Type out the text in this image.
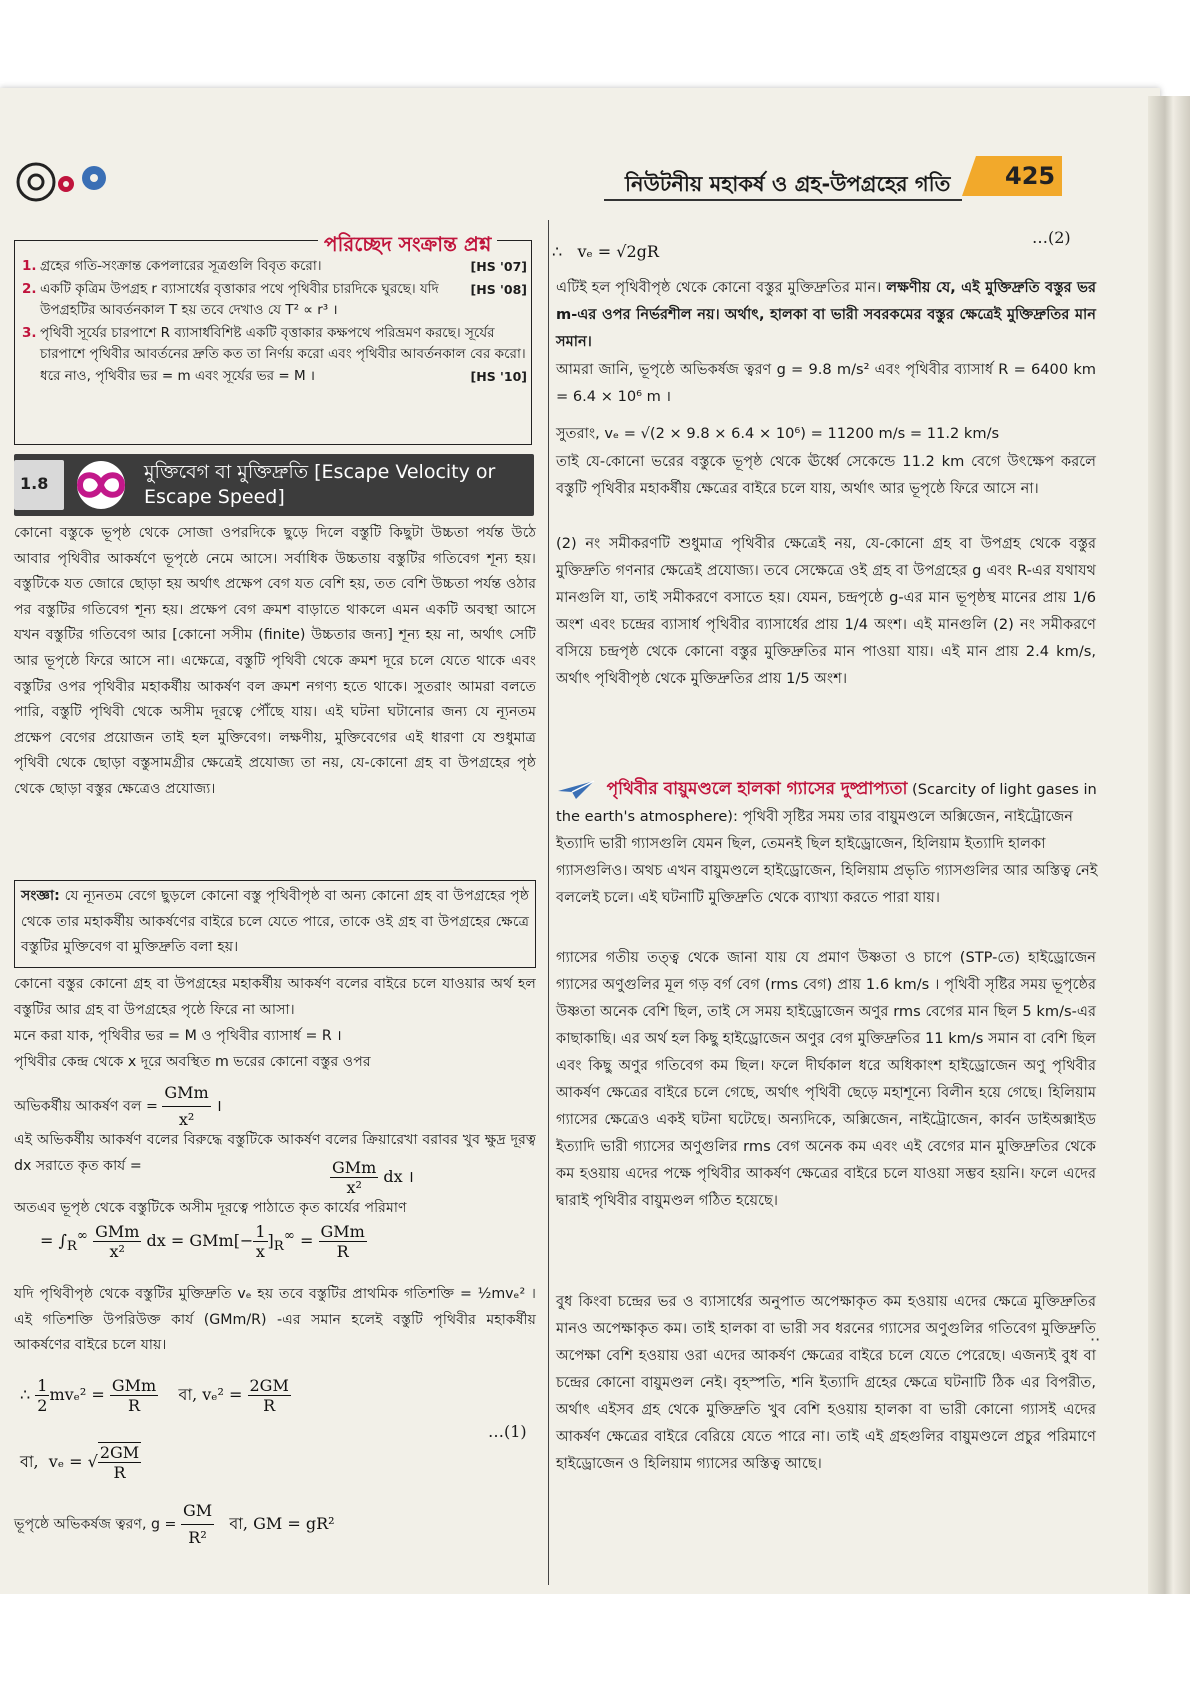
নিউটনীয় মহাকর্ষ ও গ্রহ-উপগ্রহের গতি 425
পরিচ্ছেদ সংক্রান্ত প্রশ্ন
1.	[HS '07]
গ্রহের গতি-সংক্রান্ত কেপলারের সূত্রগুলি বিবৃত করো।
2.	[HS '08]
একটি কৃত্রিম উপগ্রহ r ব্যাসার্ধের বৃত্তাকার পথে পৃথিবীর চারদিকে ঘুরছে। যদি উপগ্রহটির আবর্তনকাল T হয় তবে দেখাও যে T² ∝ r³ ।
3. পৃথিবী সূর্যের চারপাশে R ব্যাসার্ধবিশিষ্ট একটি বৃত্তাকার কক্ষপথে পরিভ্রমণ করছে। সূর্যের চারপাশে পৃথিবীর আবর্তনের দ্রুতি কত তা নির্ণয় করো এবং পৃথিবীর আবর্তনকাল বের করো। ধরে নাও, পৃথিবীর ভর = m এবং সূর্যের ভর = M ।	[HS '10]
1.8
মুক্তিবেগ বা মুক্তিদ্রুতি [Escape Velocity or Escape Speed]

কোনো বস্তুকে ভূপৃষ্ঠ থেকে সোজা ওপরদিকে ছুড়ে দিলে বস্তুটি কিছুটা উচ্চতা পর্যন্ত উঠে আবার পৃথিবীর আকর্ষণে ভূপৃষ্ঠে নেমে আসে। সর্বাধিক উচ্চতায় বস্তুটির গতিবেগ শূন্য হয়। বস্তুটিকে যত জোরে ছোড়া হয় অর্থাৎ প্রক্ষেপ বেগ যত বেশি হয়, তত বেশি উচ্চতা পর্যন্ত ওঠার পর বস্তুটির গতিবেগ শূন্য হয়। প্রক্ষেপ বেগ ক্রমশ বাড়াতে থাকলে এমন একটি অবস্থা আসে যখন বস্তুটির গতিবেগ আর [কোনো সসীম (finite) উচ্চতার জন্য] শূন্য হয় না, অর্থাৎ সেটি আর ভূপৃষ্ঠে ফিরে আসে না। এক্ষেত্রে, বস্তুটি পৃথিবী থেকে ক্রমশ দূরে চলে যেতে থাকে এবং বস্তুটির ওপর পৃথিবীর মহাকর্ষীয় আকর্ষণ বল ক্রমশ নগণ্য হতে থাকে। সুতরাং আমরা বলতে পারি, বস্তুটি পৃথিবী থেকে অসীম দূরত্বে পৌঁছে যায়। এই ঘটনা ঘটানোর জন্য যে ন্যূনতম প্রক্ষেপ বেগের প্রয়োজন তাই হল মুক্তিবেগ। লক্ষণীয়, মুক্তিবেগের এই ধারণা যে শুধুমাত্র পৃথিবী থেকে ছোড়া বস্তুসামগ্রীর ক্ষেত্রেই প্রযোজ্য তা নয়, যে-কোনো গ্রহ বা উপগ্রহের পৃষ্ঠ থেকে ছোড়া বস্তুর ক্ষেত্রেও প্রযোজ্য।

সংজ্ঞা: যে ন্যূনতম বেগে ছুড়লে কোনো বস্তু পৃথিবীপৃষ্ঠ বা অন্য কোনো গ্রহ বা উপগ্রহের পৃষ্ঠ থেকে তার মহাকর্ষীয় আকর্ষণের বাইরে চলে যেতে পারে, তাকে ওই গ্রহ বা উপগ্রহের ক্ষেত্রে বস্তুটির মুক্তিবেগ বা মুক্তিদ্রুতি বলা হয়।

কোনো বস্তুর কোনো গ্রহ বা উপগ্রহের মহাকর্ষীয় আকর্ষণ বলের বাইরে চলে যাওয়ার অর্থ হল বস্তুটির আর গ্রহ বা উপগ্রহের পৃষ্ঠে ফিরে না আসা।

মনে করা যাক, পৃথিবীর ভর = M ও পৃথিবীর ব্যাসার্ধ = R ।

পৃথিবীর কেন্দ্র থেকে x দূরে অবস্থিত m ভরের কোনো বস্তুর ওপর

অভিকর্ষীয় আকর্ষণ বল = $\frac{\text{GMm}}{\text{x²}}$ ।

এই অভিকর্ষীয় আকর্ষণ বলের বিরুদ্ধে বস্তুটিকে আকর্ষণ বলের ক্রিয়ারেখা বরাবর খুব ক্ষুদ্র দূরত্ব dx সরাতে কৃত কার্য =	$\frac{\text{GMm}}{\text{x²}}$ dx ।

অতএব ভূপৃষ্ঠ থেকে বস্তুটিকে অসীম দূরত্বে পাঠাতে কৃত কার্যের পরিমাণ

= $\int_R^\infty \frac{\text{GMm}}{\text{x²}}$ dx = $GMm[- \frac{1}{x} ]_R^\infty = \frac{\text{GMm}}{R}$

যদি পৃথিবীপৃষ্ঠ থেকে বস্তুটির মুক্তিদ্রুতি vₑ হয় তবে বস্তুটির প্রাথমিক গতিশক্তি = ½mvₑ² । এই গতিশক্তি উপরিউক্ত কার্য (GMm/R) -এর সমান হলেই বস্তুটি পৃথিবীর মহাকর্ষীয় আকর্ষণের বাইরে চলে যায়।

∴ $\frac{1}{2} mv_e^2 = \frac{\text{GMm}}{R}$ বা, $v_e^2 = \frac{2GM}{R}$
…(1)
বা,  vₑ = √ $\frac{2GM}{R}$
ভূপৃষ্ঠে অভিকর্ষজ ত্বরণ, $g = \frac{GM}{\text{R²}}$ বা, GM = gR²
…(2)
∴   vₑ = √2gR

এটিই হল পৃথিবীপৃষ্ঠ থেকে কোনো বস্তুর মুক্তিদ্রুতির মান। লক্ষণীয় যে, এই মুক্তিদ্রুতি বস্তুর ভর m-এর ওপর নির্ভরশীল নয়। অর্থাৎ, হালকা বা ভারী সবরকমের বস্তুর ক্ষেত্রেই মুক্তিদ্রুতির মান সমান।

আমরা জানি, ভূপৃষ্ঠে অভিকর্ষজ ত্বরণ g = 9.8 m/s² এবং পৃথিবীর ব্যাসার্ধ R = 6400 km = 6.4 × 10⁶ m ।

সুতরাং, vₑ = √(2 × 9.8 × 6.4 × 10⁶) = 11200 m/s = 11.2 km/s

তাই যে-কোনো ভরের বস্তুকে ভূপৃষ্ঠ থেকে ঊর্ধ্বে সেকেন্ডে 11.2 km বেগে উৎক্ষেপ করলে বস্তুটি পৃথিবীর মহাকর্ষীয় ক্ষেত্রের বাইরে চলে যায়, অর্থাৎ আর ভূপৃষ্ঠে ফিরে আসে না।

(2) নং সমীকরণটি শুধুমাত্র পৃথিবীর ক্ষেত্রেই নয়, যে-কোনো গ্রহ বা উপগ্রহ থেকে বস্তুর মুক্তিদ্রুতি গণনার ক্ষেত্রেই প্রযোজ্য। তবে সেক্ষেত্রে ওই গ্রহ বা উপগ্রহের g এবং R-এর যথাযথ মানগুলি যা, তাই সমীকরণে বসাতে হয়। যেমন, চন্দ্রপৃষ্ঠে g-এর মান ভূপৃষ্ঠস্থ মানের প্রায় 1/6 অংশ এবং চন্দ্রের ব্যাসার্ধ পৃথিবীর ব্যাসার্ধের প্রায় 1/4 অংশ। এই মানগুলি (2) নং সমীকরণে বসিয়ে চন্দ্রপৃষ্ঠ থেকে কোনো বস্তুর মুক্তিদ্রুতির মান পাওয়া যায়। এই মান প্রায় 2.4 km/s, অর্থাৎ পৃথিবীপৃষ্ঠ থেকে মুক্তিদ্রুতির প্রায় 1/5 অংশ।

পৃথিবীর বায়ুমণ্ডলে হালকা গ্যাসের দুষ্প্রাপ্যতা (Scarcity of light gases in the earth's atmosphere): পৃথিবী সৃষ্টির সময় তার বায়ুমণ্ডলে অক্সিজেন, নাইট্রোজেন ইত্যাদি ভারী গ্যাসগুলি যেমন ছিল, তেমনই ছিল হাইড্রোজেন, হিলিয়াম ইত্যাদি হালকা গ্যাসগুলিও। অথচ এখন বায়ুমণ্ডলে হাইড্রোজেন, হিলিয়াম প্রভৃতি গ্যাসগুলির আর অস্তিত্ব নেই বললেই চলে। এই ঘটনাটি মুক্তিদ্রুতি থেকে ব্যাখ্যা করতে পারা যায়।

গ্যাসের গতীয় তত্ত্ব থেকে জানা যায় যে প্রমাণ উষ্ণতা ও চাপে (STP-তে) হাইড্রোজেন গ্যাসের অণুগুলির মূল গড় বর্গ বেগ (rms বেগ) প্রায় 1.6 km/s । পৃথিবী সৃষ্টির সময় ভূপৃষ্ঠের উষ্ণতা অনেক বেশি ছিল, তাই সে সময় হাইড্রোজেন অণুর rms বেগের মান ছিল 5 km/s-এর কাছাকাছি। এর অর্থ হল কিছু হাইড্রোজেন অণুর বেগ মুক্তিদ্রুতির 11 km/s সমান বা বেশি ছিল এবং কিছু অণুর গতিবেগ কম ছিল। ফলে দীর্ঘকাল ধরে অধিকাংশ হাইড্রোজেন অণু পৃথিবীর আকর্ষণ ক্ষেত্রের বাইরে চলে গেছে, অর্থাৎ পৃথিবী ছেড়ে মহাশূন্যে বিলীন হয়ে গেছে। হিলিয়াম গ্যাসের ক্ষেত্রেও একই ঘটনা ঘটেছে। অন্যদিকে, অক্সিজেন, নাইট্রোজেন, কার্বন ডাইঅক্সাইড ইত্যাদি ভারী গ্যাসের অণুগুলির rms বেগ অনেক কম এবং এই বেগের মান মুক্তিদ্রুতির থেকে কম হওয়ায় এদের পক্ষে পৃথিবীর আকর্ষণ ক্ষেত্রের বাইরে চলে যাওয়া সম্ভব হয়নি। ফলে এদের দ্বারাই পৃথিবীর বায়ুমণ্ডল গঠিত হয়েছে।

বুধ কিংবা চন্দ্রের ভর ও ব্যাসার্ধের অনুপাত অপেক্ষাকৃত কম হওয়ায় এদের ক্ষেত্রে মুক্তিদ্রুতির মানও অপেক্ষাকৃত কম। তাই হালকা বা ভারী সব ধরনের গ্যাসের অণুগুলির গতিবেগ মুক্তিদ্রুতি অপেক্ষা বেশি হওয়ায় ওরা এদের আকর্ষণ ক্ষেত্রের বাইরে চলে যেতে পেরেছে। এজন্যই বুধ বা চন্দ্রের কোনো বায়ুমণ্ডল নেই। বৃহস্পতি, শনি ইত্যাদি গ্রহের ক্ষেত্রে ঘটনাটি ঠিক এর বিপরীত, অর্থাৎ এইসব গ্রহ থেকে মুক্তিদ্রুতি খুব বেশি হওয়ায় হালকা বা ভারী কোনো গ্যাসই এদের আকর্ষণ ক্ষেত্রের বাইরে বেরিয়ে যেতে পারে না। তাই এই গ্রহগুলির বায়ুমণ্ডলে প্রচুর পরিমাণে হাইড্রোজেন ও হিলিয়াম গ্যাসের অস্তিত্ব আছে।

··
